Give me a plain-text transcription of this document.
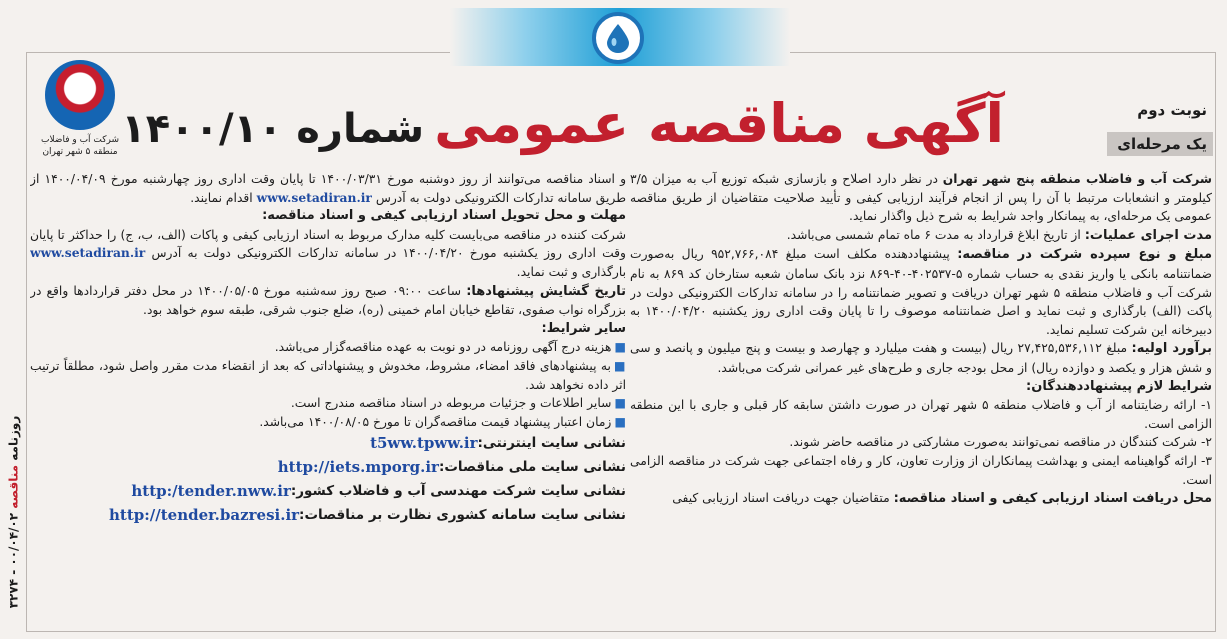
شرکت آب و فاضلاب
منطقه ۵ شهر تهران	آگهی مناقصه عمومی
شماره ۱۴۰۰/۱۰	نوبت دوم
یک مرحله‌ای

شرکت آب و فاضلاب منطقه پنج شهر تهران در نظر دارد اصلاح و بازسازی شبکه توزیع آب به میزان ۳/۵ کیلومتر و انشعابات مرتبط با آن را پس از انجام فرآیند ارزیابی کیفی و تأیید صلاحیت متقاضیان از طریق مناقصه عمومی یک مرحله‌ای، به پیمانکار واجد شرایط به شرح ذیل واگذار نماید.

مدت اجرای عملیات: از تاریخ ابلاغ قرارداد به مدت ۶ ماه تمام شمسی می‌باشد.

مبلغ و نوع سپرده شرکت در مناقصه: پیشنهاددهنده مکلف است مبلغ ۹۵۲,۷۶۶,۰۸۴ ریال به‌صورت ضمانتنامه بانکی یا واریز نقدی به حساب شماره ۵-۴۰۲۵۳۷-۴۰-۸۶۹ نزد بانک سامان شعبه ستارخان کد ۸۶۹ به نام شرکت آب و فاضلاب منطقه ۵ شهر تهران دریافت و تصویر ضمانتنامه را در سامانه تدارکات الکترونیکی دولت در پاکت (الف) بارگذاری و ثبت نماید و اصل ضمانتنامه موصوف را تا پایان وقت اداری روز یکشنبه ۱۴۰۰/۰۴/۲۰ به دبیرخانه این شرکت تسلیم نماید.

برآورد اولیه: مبلغ ۲۷,۴۲۵,۵۳۶,۱۱۲ ریال (بیست و هفت میلیارد و چهارصد و بیست و پنج میلیون و پانصد و سی و شش هزار و یکصد و دوازده ریال) از محل بودجه جاری و طرح‌های غیر عمرانی شرکت می‌باشد.

شرایط لازم پیشنهاددهندگان:

۱- ارائه رضایتنامه از آب و فاضلاب منطقه ۵ شهر تهران در صورت داشتن سابقه کار قبلی و جاری با این منطقه الزامی است.

۲- شرکت کنندگان در مناقصه نمی‌توانند به‌صورت مشارکتی در مناقصه حاضر شوند.

۳- ارائه گواهینامه ایمنی و بهداشت پیمانکاران از وزارت تعاون، کار و رفاه اجتماعی جهت شرکت در مناقصه الزامی است.

محل دریافت اسناد ارزیابی کیفی و اسناد مناقصه: متقاضیان جهت دریافت اسناد ارزیابی کیفی

و اسناد مناقصه می‌توانند از روز دوشنبه مورخ ۱۴۰۰/۰۳/۳۱ تا پایان وقت اداری روز چهارشنبه مورخ ۱۴۰۰/۰۴/۰۹ از طریق سامانه تدارکات الکترونیکی دولت به آدرس www.setadiran.ir اقدام نمایند.

مهلت و محل تحویل اسناد ارزیابی کیفی و اسناد مناقصه:

شرکت کننده در مناقصه می‌بایست کلیه مدارک مربوط به اسناد ارزیابی کیفی و پاکات (الف، ب، ج) را حداکثر تا پایان وقت اداری روز یکشنبه مورخ ۱۴۰۰/۰۴/۲۰ در سامانه تدارکات الکترونیکی دولت به آدرس www.setadiran.ir بارگذاری و ثبت نماید.

تاریخ گشایش پیشنهادها: ساعت ۰۹:۰۰ صبح روز سه‌شنبه مورخ ۱۴۰۰/۰۵/۰۵ در محل دفتر قراردادها واقع در بزرگراه نواب صفوی، تقاطع خیابان امام خمینی (ره)، ضلع جنوب شرقی، طبقه سوم خواهد بود.

سایر شرایط:

■هزینه درج آگهی روزنامه در دو نوبت به عهده مناقصه‌گزار می‌باشد.

■به پیشنهادهای فاقد امضاء، مشروط، مخدوش و پیشنهاداتی که بعد از انقضاء مدت مقرر واصل شود، مطلقاً ترتیب اثر داده نخواهد شد.

■سایر اطلاعات و جزئیات مربوطه در اسناد مناقصه مندرج است.

■زمان اعتبار پیشنهاد قیمت مناقصه‌گران تا مورخ ۱۴۰۰/۰۸/۰۵ می‌باشد.

نشانی سایت اینترنتی:
t5ww.tpww.ir
نشانی سایت ملی مناقصات:
http://iets.mporg.ir
نشانی سایت شرکت مهندسی آب و فاضلاب کشور:
http:/tender.nww.ir
نشانی سایت سامانه کشوری نظارت بر مناقصات:
http://tender.bazresi.ir
روزنامه مناقصه ۰۰/۰۴/۰۲ - ۳۲۷۴
